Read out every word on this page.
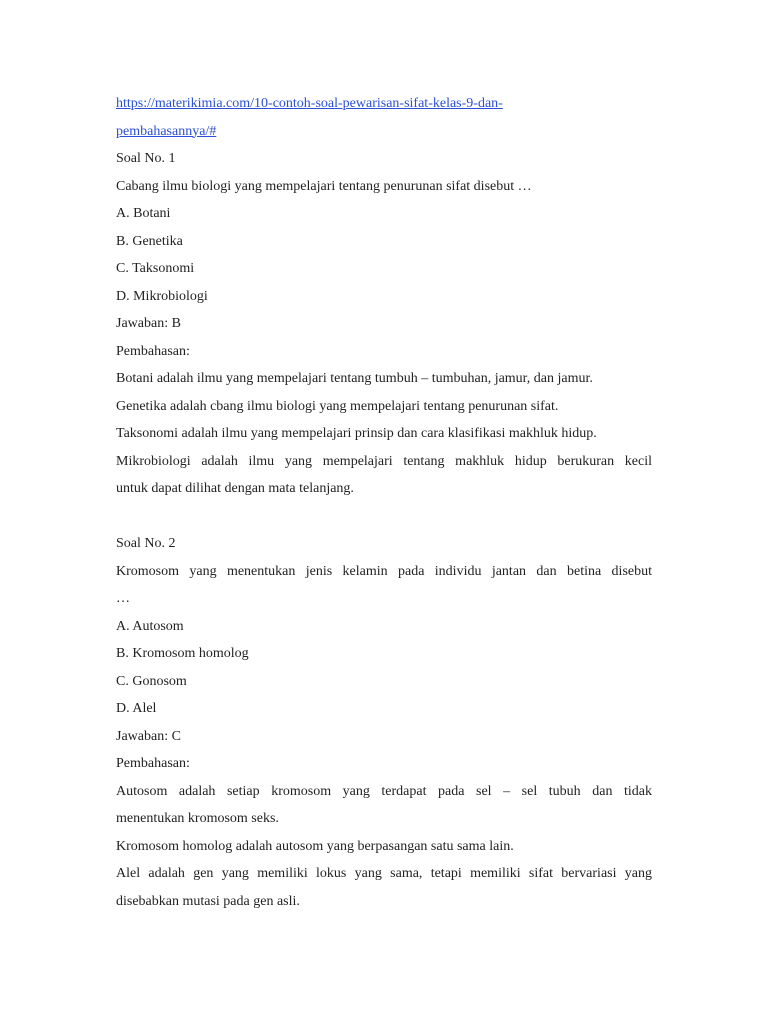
https://materikimia.com/10-contoh-soal-pewarisan-sifat-kelas-9-dan-
pembahasannya/#
Soal No. 1
Cabang ilmu biologi yang mempelajari tentang penurunan sifat disebut …
A. Botani
B. Genetika
C. Taksonomi
D. Mikrobiologi
Jawaban: B
Pembahasan:
Botani adalah ilmu yang mempelajari tentang tumbuh – tumbuhan, jamur, dan jamur.
Genetika adalah cbang ilmu biologi yang mempelajari tentang penurunan sifat.
Taksonomi adalah ilmu yang mempelajari prinsip dan cara klasifikasi makhluk hidup.
Mikrobiologi adalah ilmu yang mempelajari tentang makhluk hidup berukuran kecil
untuk dapat dilihat dengan mata telanjang.
Soal No. 2
Kromosom yang menentukan jenis kelamin pada individu jantan dan betina disebut
…
A. Autosom
B. Kromosom homolog
C. Gonosom
D. Alel
Jawaban: C
Pembahasan:
Autosom adalah setiap kromosom yang terdapat pada sel – sel tubuh dan tidak
menentukan kromosom seks.
Kromosom homolog adalah autosom yang berpasangan satu sama lain.
Alel adalah gen yang memiliki lokus yang sama, tetapi memiliki sifat bervariasi yang
disebabkan mutasi pada gen asli.
